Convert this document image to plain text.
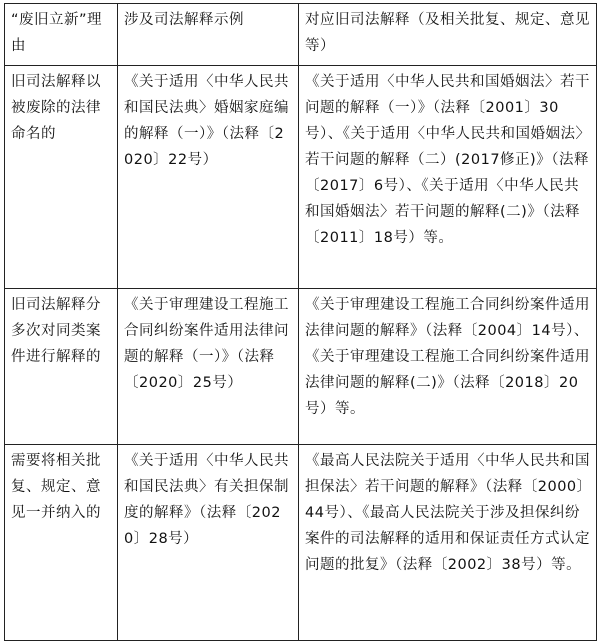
“废旧立新”理由	涉及司法解释示例	对应旧司法解释（及相关批复、规定、意见等）
旧司法解释以被废除的法律命名的	《关于适用〈中华人民共和国民法典〉婚姻家庭编的解释（一）》（法释〔2020〕22号）	《关于适用〈中华人民共和国婚姻法〉若干问题的解释（一）》（法释〔2001〕30号）、《关于适用〈中华人民共和国婚姻法〉若干问题的解释（二）(2017修正)》（法释〔2017〕6号）、《关于适用〈中华人民共和国婚姻法〉若干问题的解释(二)》（法释〔2011〕18号）等。
旧司法解释分多次对同类案件进行解释的	《关于审理建设工程施工合同纠纷案件适用法律问题的解释（一）》（法释〔2020〕25号）	《关于审理建设工程施工合同纠纷案件适用法律问题的解释》（法释〔2004〕14号）、《关于审理建设工程施工合同纠纷案件适用法律问题的解释(二)》（法释〔2018〕20号）等。
需要将相关批复、规定、意见一并纳入的	《关于适用〈中华人民共和国民法典〉有关担保制度的解释》（法释〔2020〕28号）	《最高人民法院关于适用〈中华人民共和国担保法〉若干问题的解释》（法释〔2000〕44号）、《最高人民法院关于涉及担保纠纷案件的司法解释的适用和保证责任方式认定问题的批复》（法释〔2002〕38号）等。
